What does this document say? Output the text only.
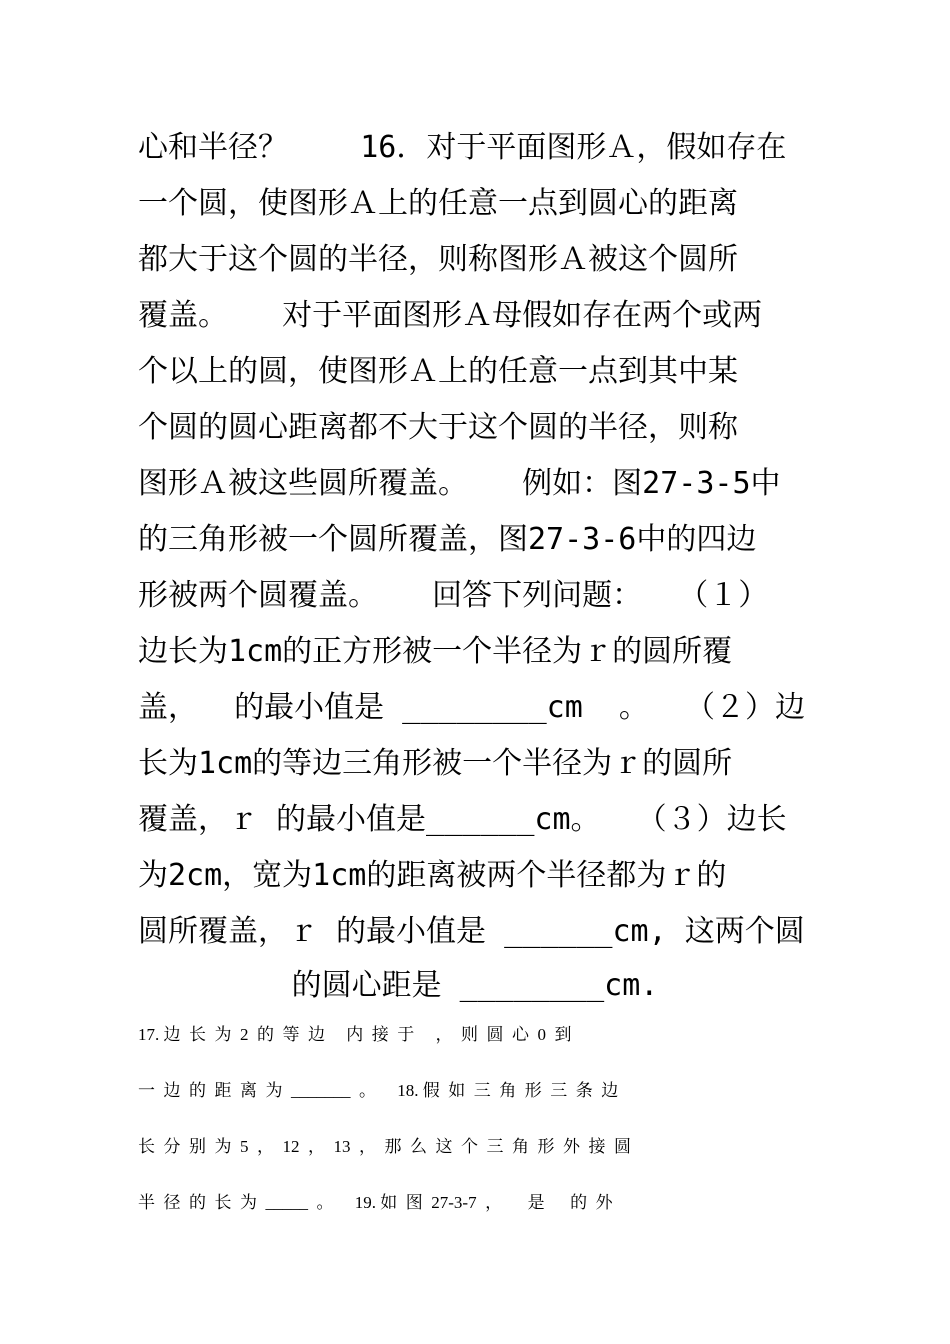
心和半径？    16．对于平面图形Ａ，假如存在
一个圆，使图形Ａ上的任意一点到圆心的距离
都大于这个圆的半径，则称图形Ａ被这个圆所
覆盖。   对于平面图形Ａ母假如存在两个或两
个以上的圆，使图形Ａ上的任意一点到其中某
个圆的圆心距离都不大于这个圆的半径，则称
图形Ａ被这些圆所覆盖。   例如：图27-3-5中
的三角形被一个圆所覆盖，图27-3-6中的四边
形被两个圆覆盖。   回答下列问题：  （１）
边长为1cm的正方形被一个半径为ｒ的圆所覆
盖，  的最小值是 ________cm  。  （２）边
长为1cm的等边三角形被一个半径为ｒ的圆所
覆盖，ｒ 的最小值是______cm。  （３）边长
为2cm，宽为1cm的距离被两个半径都为ｒ的
圆所覆盖，ｒ 的最小值是 ______cm, 这两个圆
的圆心距是 ________cm.
17. 边  长  为  2  的  等  边     内  接  于     ，  则  圆  心  0  到
一  边  的  距  离  为  _______  。     18. 假  如  三  角  形  三  条  边
长  分  别  为  5  ，  12  ，  13  ，  那  么  这  个  三  角  形  外  接  圆
半  径  的  长  为  _____  。     19. 如  图  27-3-7  ，      是      的  外
